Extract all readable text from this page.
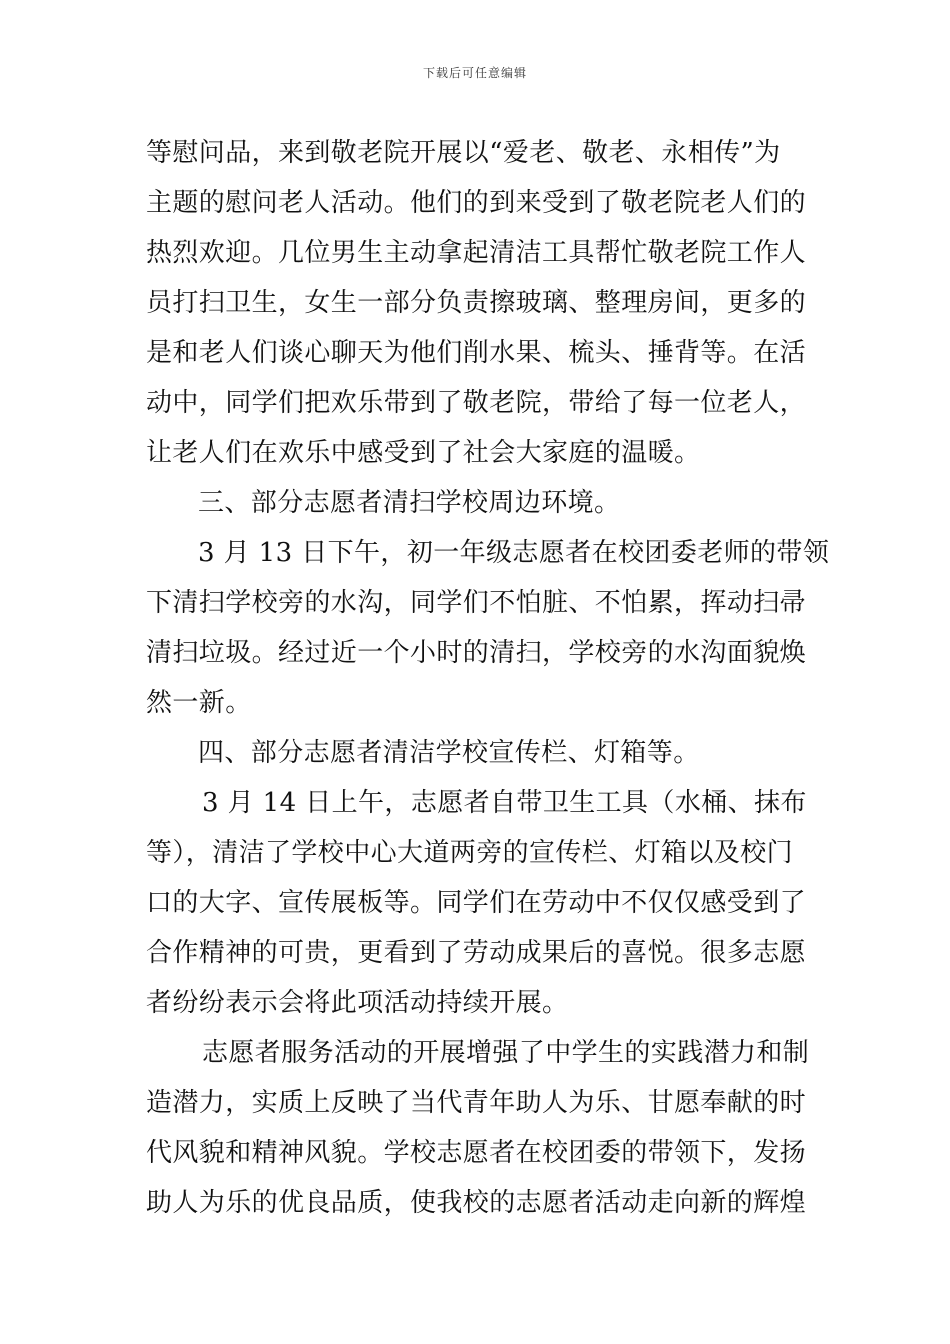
下载后可任意编辑
等慰问品，来到敬老院开展以“爱老、敬老、永相传”为
主题的慰问老人活动。他们的到来受到了敬老院老人们的
热烈欢迎。几位男生主动拿起清洁工具帮忙敬老院工作人
员打扫卫生，女生一部分负责擦玻璃、整理房间，更多的
是和老人们谈心聊天为他们削水果、梳头、捶背等。在活
动中，同学们把欢乐带到了敬老院，带给了每一位老人，
让老人们在欢乐中感受到了社会大家庭的温暖。
三、部分志愿者清扫学校周边环境。
3 月 13 日下午，初一年级志愿者在校团委老师的带领
下清扫学校旁的水沟，同学们不怕脏、不怕累，挥动扫帚
清扫垃圾。经过近一个小时的清扫，学校旁的水沟面貌焕
然一新。
四、部分志愿者清洁学校宣传栏、灯箱等。
3 月 14 日上午，志愿者自带卫生工具（水桶、抹布
等），清洁了学校中心大道两旁的宣传栏、灯箱以及校门
口的大字、宣传展板等。同学们在劳动中不仅仅感受到了
合作精神的可贵，更看到了劳动成果后的喜悦。很多志愿
者纷纷表示会将此项活动持续开展。
志愿者服务活动的开展增强了中学生的实践潜力和制
造潜力，实质上反映了当代青年助人为乐、甘愿奉献的时
代风貌和精神风貌。学校志愿者在校团委的带领下，发扬
助人为乐的优良品质，使我校的志愿者活动走向新的辉煌
